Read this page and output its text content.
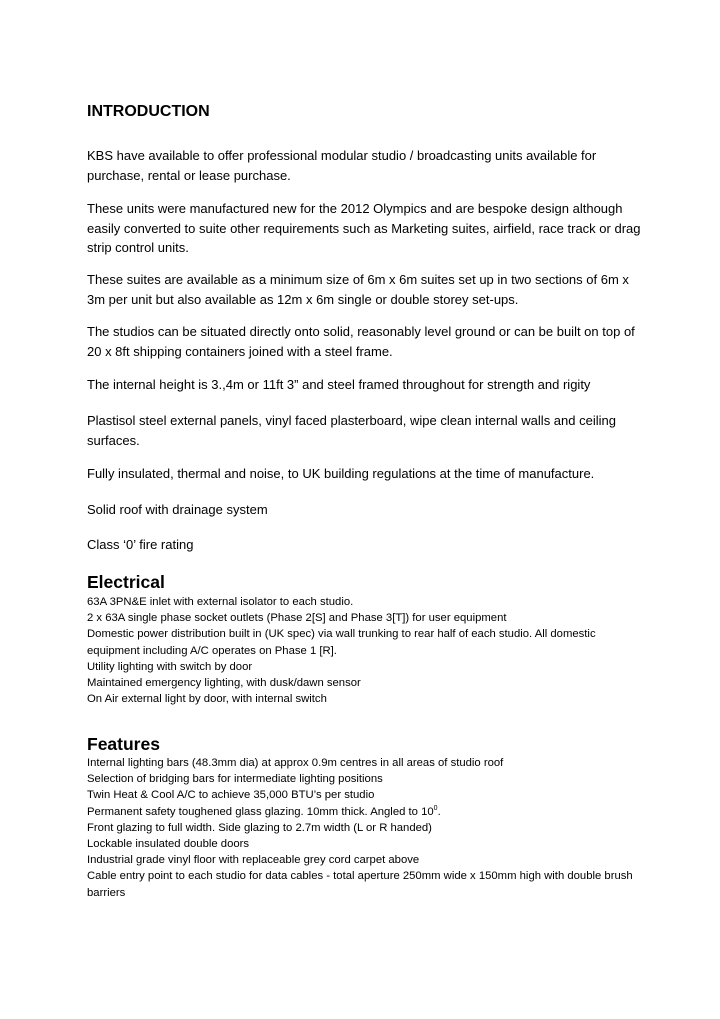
INTRODUCTION

KBS have available to offer professional modular studio / broadcasting units available for purchase, rental or lease purchase.

These units were manufactured new for the 2012 Olympics and are bespoke design although easily converted to suite other requirements such as Marketing suites, airfield, race track or drag strip control units.

These suites are available as a minimum size of 6m x 6m suites set up in two sections of 6m x 3m per unit but also available as 12m x 6m single or double storey set-ups.

The studios can be situated directly onto solid, reasonably level ground or can be built on top of 20 x 8ft shipping containers joined with a steel frame.

The internal height is 3.,4m or 11ft 3” and steel framed throughout for strength and rigity

Plastisol steel external panels, vinyl faced plasterboard, wipe clean internal walls and ceiling surfaces.

Fully insulated, thermal and noise, to UK building regulations at the time of manufacture.

Solid roof with drainage system

Class ‘0’ fire rating

Electrical
63A 3PN&E inlet with external isolator to each studio.
2 x 63A single phase socket outlets (Phase 2[S] and Phase 3[T]) for user equipment
Domestic power distribution built in (UK spec) via wall trunking to rear half of each studio. All domestic equipment including A/C operates on Phase 1 [R].
Utility lighting with switch by door
Maintained emergency lighting, with dusk/dawn sensor
On Air external light by door, with internal switch
Features
Internal lighting bars (48.3mm dia) at approx 0.9m centres in all areas of studio roof
Selection of bridging bars for intermediate lighting positions
Twin Heat & Cool A/C to achieve 35,000 BTU’s per studio
Permanent safety toughened glass glazing. 10mm thick. Angled to $10^0$.
Front glazing to full width. Side glazing to 2.7m width (L or R handed)
Lockable insulated double doors
Industrial grade vinyl floor with replaceable grey cord carpet above
Cable entry point to each studio for data cables - total aperture 250mm wide x 150mm high with double brush barriers
